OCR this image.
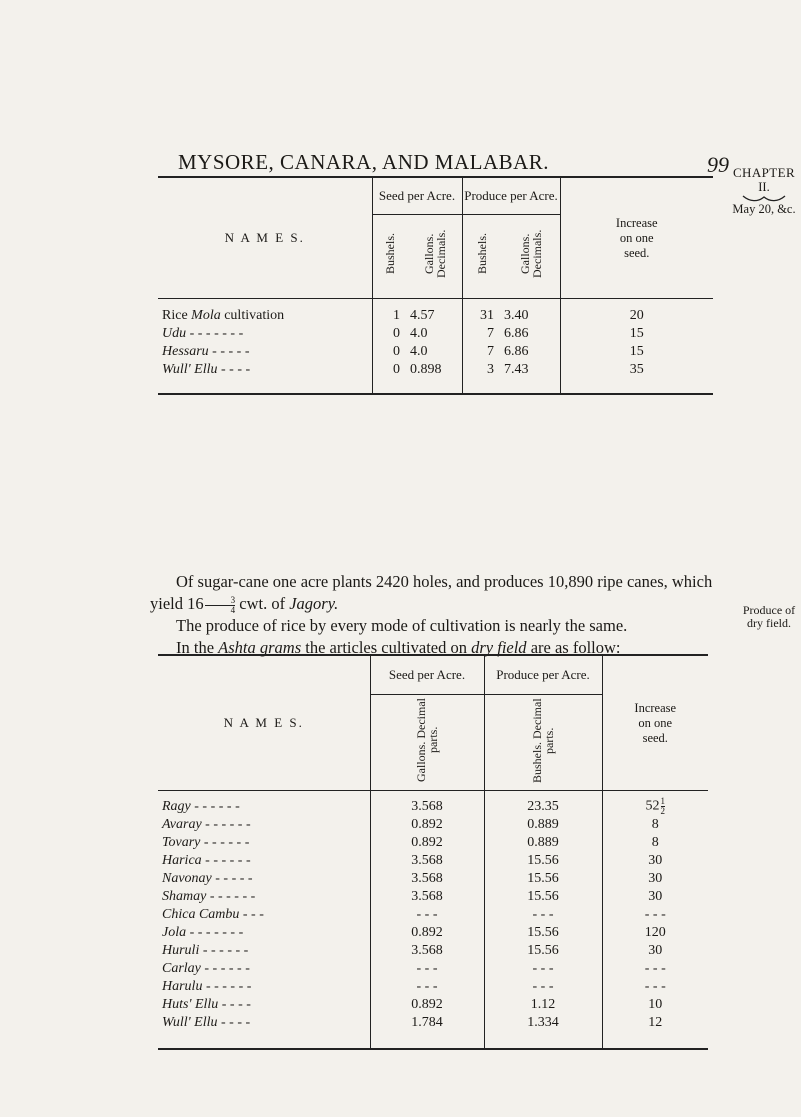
MYSORE, CANARA, AND MALABAR.	99 CHAPTER
II.
May 20, &c.
Produce of
dry field.
N A M E S.	Seed per Acre.		Produce per Acre.		Increase
on one
seed.

	Bushels.	Gallons. Decimals.	Bushels.	Gallons. Decimals.	
Rice Mola cultivation	1	4.57	31	3.40	20
Udu - - - - - - -	0	4.0	7	6.86	15
Hessaru - - - - -	0	4.0	7	6.86	15
Wull' Ellu - - - -	0	0.898	3	7.43	35

Of sugar-cane one acre plants 2420 holes, and produces 10,890 ripe canes, which yield $16 \frac{3}{4}$ cwt. of Jagory.

The produce of rice by every mode of cultivation is nearly the same.

In the Ashta grams the articles cultivated on dry field are as follow:

N A M E S.	Seed per Acre.	Produce per Acre.	Increase
on one
seed.

	Gallons. Decimal parts.	Bushels. Decimal parts.	
Ragy - - - - - -	3.568	23.35	$52 \frac{1}{2}$

Avaray - - - - - -	0.892	0.889	8
Tovary - - - - - -	0.892	0.889	8
Harica - - - - - -	3.568	15.56	30
Navonay - - - - -	3.568	15.56	30
Shamay - - - - - -	3.568	15.56	30
Chica Cambu - - -	- - -	- - -	- - -
Jola - - - - - - -	0.892	15.56	120
Huruli - - - - - -	3.568	15.56	30
Carlay - - - - - -	- - -	- - -	- - -
Harulu - - - - - -	- - -	- - -	- - -
Huts' Ellu - - - -	0.892	1.12	10
Wull' Ellu - - - -	1.784	1.334	12
